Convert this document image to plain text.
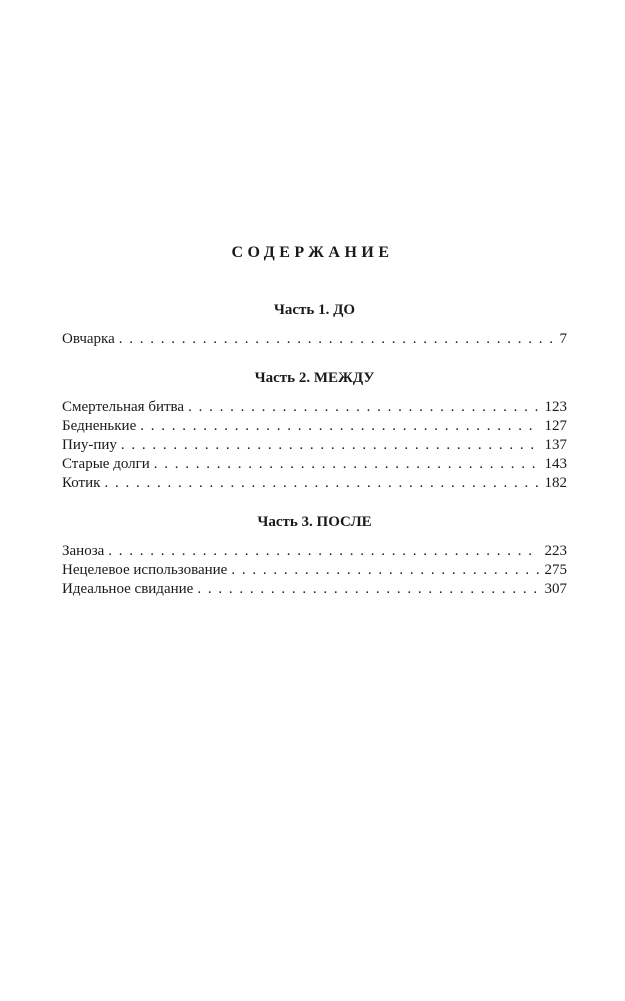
СОДЕРЖАНИЕ
Часть 1. ДО
Овчарка . . .	7
Часть 2. МЕЖДУ
Смертельная битва . . .	123
Бедненькие . . .	127
Пиу-пиу . . .	137
Старые долги . . .	143
Котик . . .	182
Часть 3. ПОСЛЕ
Заноза . . .	223
Нецелевое использование . . .	275
Идеальное свидание . . .	307
